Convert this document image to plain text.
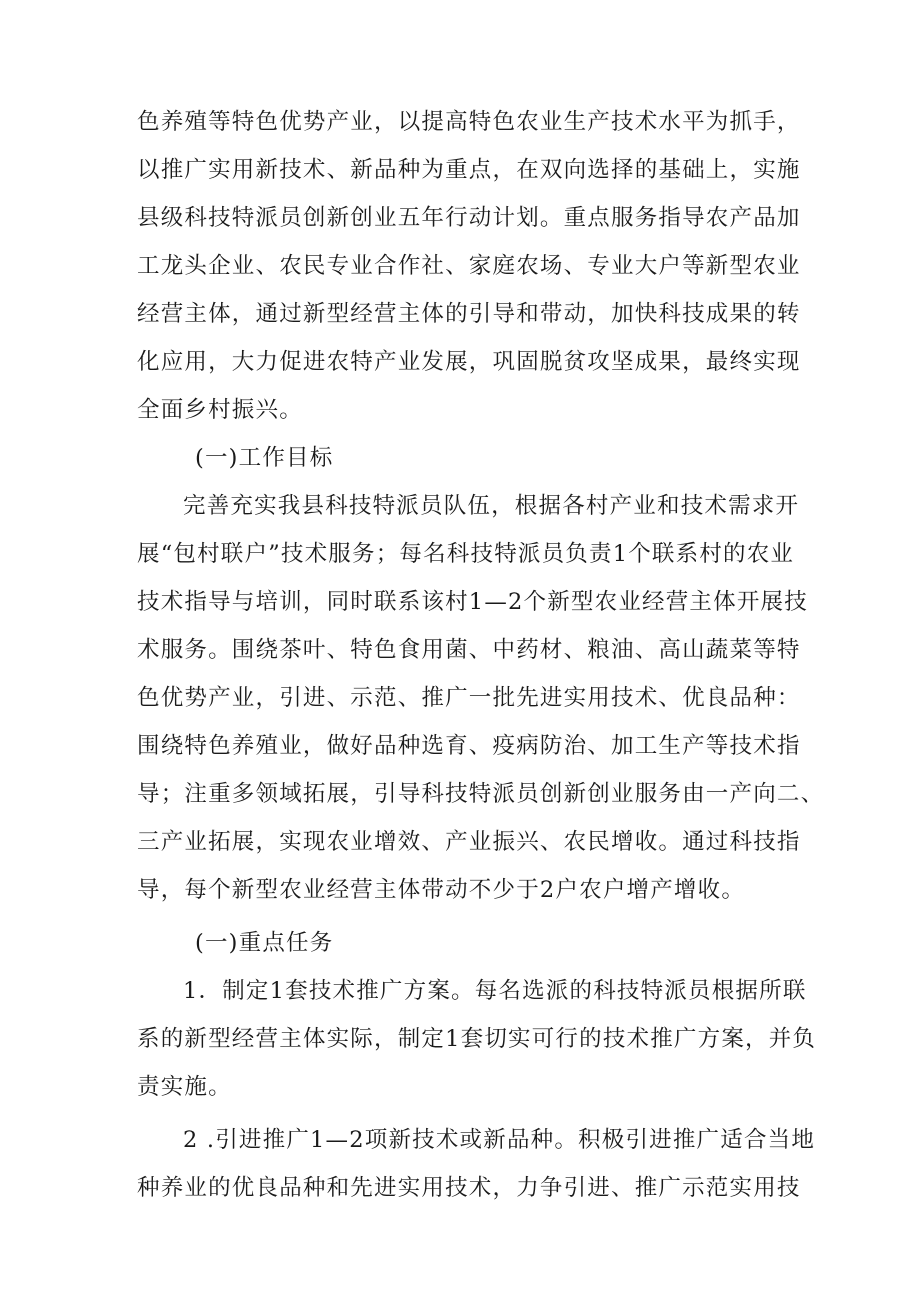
色养殖等特色优势产业，以提高特色农业生产技术水平为抓手，
以推广实用新技术、新品种为重点，在双向选择的基础上，实施
县级科技特派员创新创业五年行动计划。重点服务指导农产品加
工龙头企业、农民专业合作社、家庭农场、专业大户等新型农业
经营主体，通过新型经营主体的引导和带动，加快科技成果的转
化应用，大力促进农特产业发展，巩固脱贫攻坚成果，最终实现
全面乡村振兴。
(一)工作目标
完善充实我县科技特派员队伍，根据各村产业和技术需求开
展“包村联户”技术服务；每名科技特派员负责1个联系村的农业
技术指导与培训，同时联系该村1—2个新型农业经营主体开展技
术服务。围绕茶叶、特色食用菌、中药材、粮油、高山蔬菜等特
色优势产业，引进、示范、推广一批先进实用技术、优良品种：
围绕特色养殖业，做好品种选育、疫病防治、加工生产等技术指
导；注重多领域拓展，引导科技特派员创新创业服务由一产向二、
三产业拓展，实现农业增效、产业振兴、农民增收。通过科技指
导，每个新型农业经营主体带动不少于2户农户增产增收。
(一)重点任务
1．制定1套技术推广方案。每名选派的科技特派员根据所联
系的新型经营主体实际，制定1套切实可行的技术推广方案，并负
责实施。
2 .引进推广1—2项新技术或新品种。积极引进推广适合当地
种养业的优良品种和先进实用技术，力争引进、推广示范实用技
